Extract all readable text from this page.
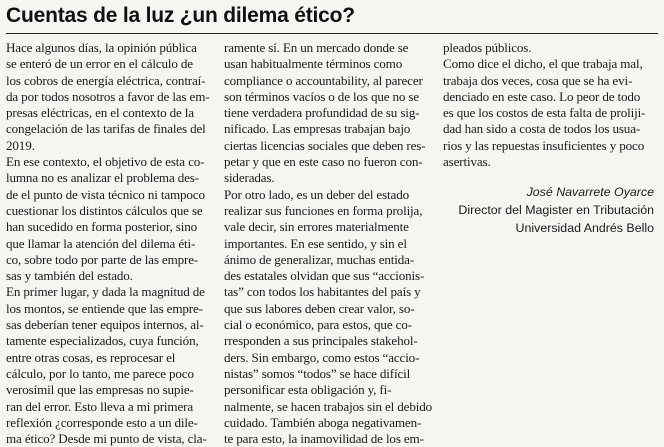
Cuentas de la luz ¿un dilema ético?
Hace algunos días, la opinión pública
se enteró de un error en el cálculo de
los cobros de energía eléctrica, contraí-
da por todos nosotros a favor de las em-
presas eléctricas, en el contexto de la
congelación de las tarifas de finales del
2019.
En ese contexto, el objetivo de esta co-
lumna no es analizar el problema des-
de el punto de vista técnico ni tampoco
cuestionar los distintos cálculos que se
han sucedido en forma posterior, sino
que llamar la atención del dilema éti-
co, sobre todo por parte de las empre-
sas y también del estado.
En primer lugar, y dada la magnitud de
los montos, se entiende que las empre-
sas deberían tener equipos internos, al-
tamente especializados, cuya función,
entre otras cosas, es reprocesar el
cálculo, por lo tanto, me parece poco
verosímil que las empresas no supie-
ran del error. Esto lleva a mi primera
reflexión ¿corresponde esto a un dile-
ma ético? Desde mi punto de vista, cla-
ramente sí. En un mercado donde se
usan habitualmente términos como
compliance o accountability, al parecer
son términos vacíos o de los que no se
tiene verdadera profundidad de su sig-
nificado. Las empresas trabajan bajo
ciertas licencias sociales que deben res-
petar y que en este caso no fueron con-
sideradas.
Por otro lado, es un deber del estado
realizar sus funciones en forma prolija,
vale decir, sin errores materialmente
importantes. En ese sentido, y sin el
ánimo de generalizar, muchas entida-
des estatales olvidan que sus “accionis-
tas” con todos los habitantes del país y
que sus labores deben crear valor, so-
cial o económico, para estos, que co-
rresponden a sus principales stakehol-
ders. Sin embargo, como estos “accio-
nistas” somos “todos” se hace difícil
personificar esta obligación y, fi-
nalmente, se hacen trabajos sin el debido
cuidado. También aboga negativamen-
te para esto, la inamovilidad de los em-
pleados públicos.
Como dice el dicho, el que trabaja mal,
trabaja dos veces, cosa que se ha evi-
denciado en este caso. Lo peor de todo
es que los costos de esta falta de proliji-
dad han sido a costa de todos los usua-
rios y las repuestas insuficientes y poco
asertivas.
José Navarrete Oyarce
Director del Magister en Tributación
Universidad Andrés Bello
